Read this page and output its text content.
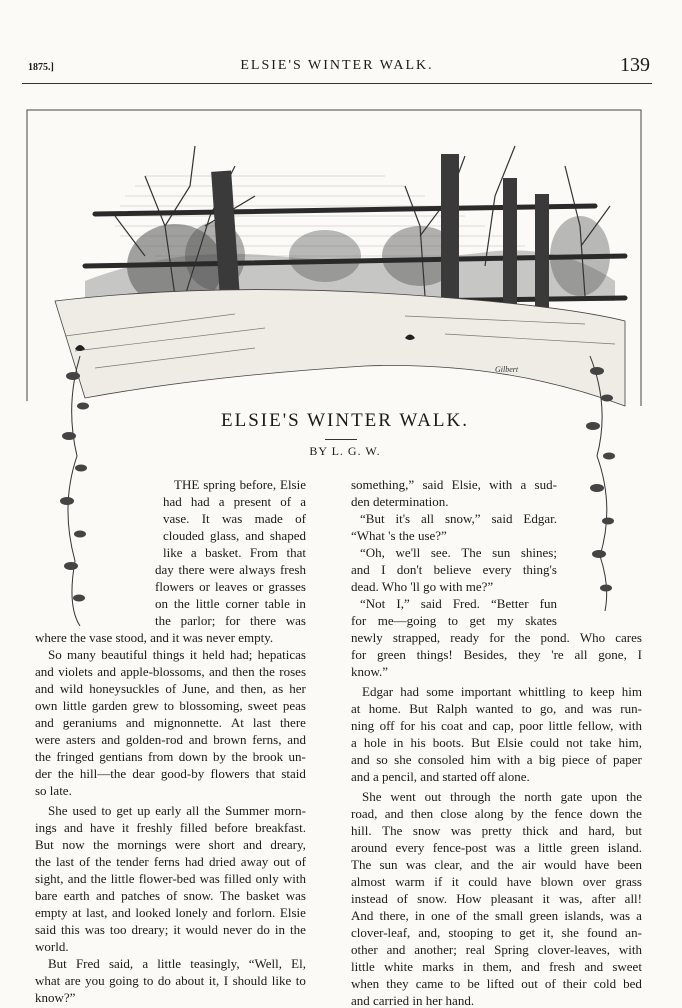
1875.]	ELSIE'S WINTER WALK.	139
Gilbert
ELSIE'S WINTER WALK.
BY L. G. W.
THE spring before, Elsie
had had a present of a
vase. It was made of
clouded glass, and shaped
like a basket. From that
day there were always fresh
flowers or leaves or grasses
on the little corner table in
the parlor; for there was
where the vase stood, and it was never empty.
So many beautiful things it held had; hepaticas
and violets and apple-blossoms, and then the roses
and wild honeysuckles of June, and then, as her
own little garden grew to blossoming, sweet peas
and geraniums and mignonnette. At last there
were asters and golden-rod and brown ferns, and
the fringed gentians from down by the brook un-
der the hill—the dear good-by flowers that staid
so late.
She used to get up early all the Summer morn-
ings and have it freshly filled before breakfast.
But now the mornings were short and dreary,
the last of the tender ferns had dried away out of
sight, and the little flower-bed was filled only with
bare earth and patches of snow. The basket was
empty at last, and looked lonely and forlorn. Elsie
said this was too dreary; it would never do in the
world.
But Fred said, a little teasingly, “Well, El,
what are you going to do about it, I should like to
know?”
something,” said Elsie, with a sud-
den determination.
“But it's all snow,” said Edgar.
“What 's the use?”
“Oh, we'll see. The sun shines;
and I don't believe every thing's
dead. Who 'll go with me?”
“Not I,” said Fred. “Better fun
for me—going to get my skates
newly strapped, ready for the pond. Who cares
for green things! Besides, they 're all gone, I
know.”
Edgar had some important whittling to keep him
at home. But Ralph wanted to go, and was run-
ning off for his coat and cap, poor little fellow, with
a hole in his boots. But Elsie could not take him,
and so she consoled him with a big piece of paper
and a pencil, and started off alone.
She went out through the north gate upon the
road, and then close along by the fence down the
hill. The snow was pretty thick and hard, but
around every fence-post was a little green island.
The sun was clear, and the air would have been
almost warm if it could have blown over grass
instead of snow. How pleasant it was, after all!
And there, in one of the small green islands, was a
clover-leaf, and, stooping to get it, she found an-
other and another; real Spring clover-leaves, with
little white marks in them, and fresh and sweet
when they came to be lifted out of their cold bed
and carried in her hand.
